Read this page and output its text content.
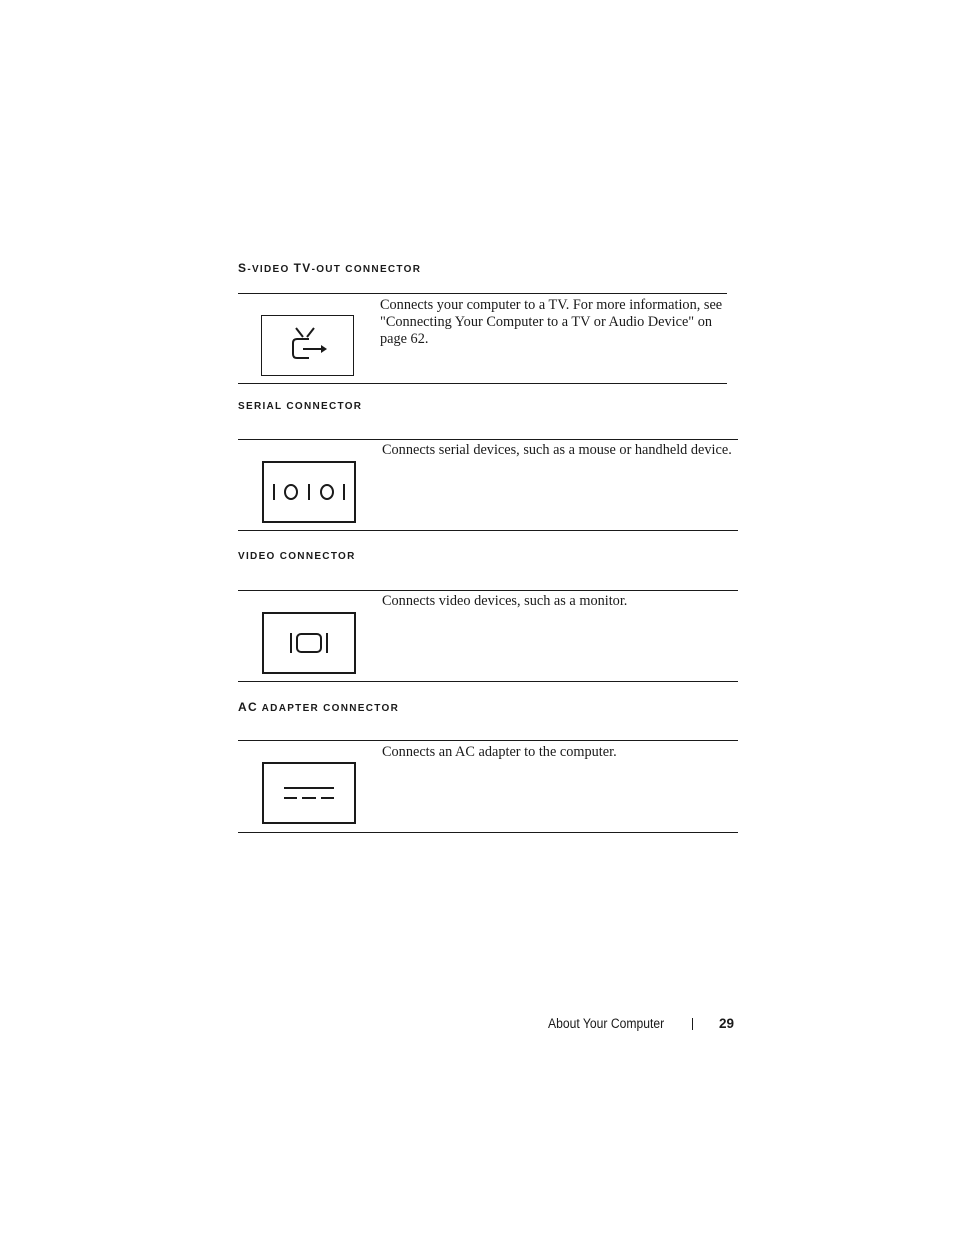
S-VIDEO TV-OUT CONNECTOR

Connects your computer to a TV. For more information, see "Connecting Your Computer to a TV or Audio Device" on page 62.

SERIAL CONNECTOR

Connects serial devices, such as a mouse or handheld device.

VIDEO CONNECTOR

Connects video devices, such as a monitor.

AC ADAPTER CONNECTOR

Connects an AC adapter to the computer.

About Your Computer	29
